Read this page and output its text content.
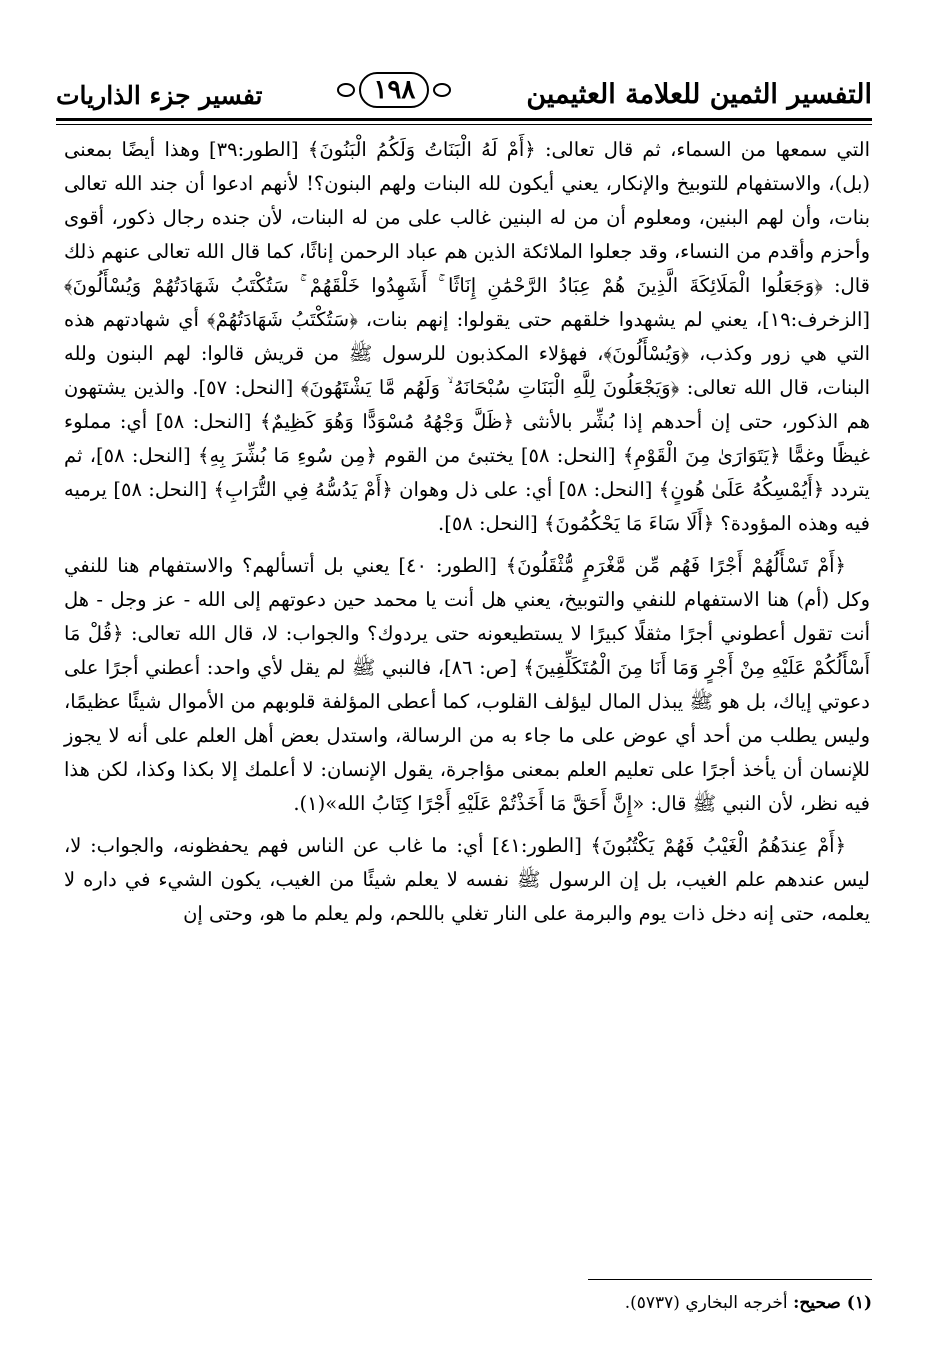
التفسير الثمين للعلامة العثيمين
١٩٨
تفسير جزء الذاريات

التي سمعها من السماء، ثم قال تعالى: ﴿أَمْ لَهُ الْبَنَاتُ وَلَكُمُ الْبَنُونَ﴾ [الطور:٣٩] وهذا أيضًا بمعنى (بل)، والاستفهام للتوبيخ والإنكار، يعني أيكون لله البنات ولهم البنون؟! لأنهم ادعوا أن جند الله تعالى بنات، وأن لهم البنين، ومعلوم أن من له البنين غالب على من له البنات، لأن جنده رجال ذكور، أقوى وأحزم وأقدم من النساء، وقد جعلوا الملائكة الذين هم عباد الرحمن إناثًا، كما قال الله تعالى عنهم ذلك قال: ﴿وَجَعَلُوا الْمَلَائِكَةَ الَّذِينَ هُمْ عِبَادُ الرَّحْمَٰنِ إِنَاثًا ۚ أَشَهِدُوا خَلْقَهُمْ ۚ سَتُكْتَبُ شَهَادَتُهُمْ وَيُسْأَلُونَ﴾ [الزخرف:١٩]، يعني لم يشهدوا خلقهم حتى يقولوا: إنهم بنات، ﴿سَتُكْتَبُ شَهَادَتُهُمْ﴾ أي شهادتهم هذه التي هي زور وكذب، ﴿وَيُسْأَلُونَ﴾، فهؤلاء المكذبون للرسول ﷺ من قريش قالوا: لهم البنون ولله البنات، قال الله تعالى: ﴿وَيَجْعَلُونَ لِلَّهِ الْبَنَاتِ سُبْحَانَهُ ۙ وَلَهُم مَّا يَشْتَهُونَ﴾ [النحل: ٥٧]. والذين يشتهون هم الذكور، حتى إن أحدهم إذا بُشِّر بالأنثى ﴿ظَلَّ وَجْهُهُ مُسْوَدًّا وَهُوَ كَظِيمٌ﴾ [النحل: ٥٨] أي: مملوء غيظًا وغمًّا ﴿يَتَوَارَىٰ مِنَ الْقَوْمِ﴾ [النحل: ٥٨] يختبئ من القوم ﴿مِن سُوءِ مَا بُشِّرَ بِهِ﴾ [النحل: ٥٨]، ثم يتردد ﴿أَيُمْسِكُهُ عَلَىٰ هُونٍ﴾ [النحل: ٥٨] أي: على ذل وهوان ﴿أَمْ يَدُسُّهُ فِي التُّرَابِ﴾ [النحل: ٥٨] يرميه فيه وهذه المؤودة؟ ﴿أَلَا سَاءَ مَا يَحْكُمُونَ﴾ [النحل: ٥٨].

﴿أَمْ تَسْأَلُهُمْ أَجْرًا فَهُم مِّن مَّغْرَمٍ مُّثْقَلُونَ﴾ [الطور: ٤٠] يعني بل أتسألهم؟ والاستفهام هنا للنفي وكل (أم) هنا الاستفهام للنفي والتوبيخ، يعني هل أنت يا محمد حين دعوتهم إلى الله - عز وجل - هل أنت تقول أعطوني أجرًا مثقلًا كبيرًا لا يستطيعونه حتى يردوك؟ والجواب: لا، قال الله تعالى: ﴿قُلْ مَا أَسْأَلُكُمْ عَلَيْهِ مِنْ أَجْرٍ وَمَا أَنَا مِنَ الْمُتَكَلِّفِينَ﴾ [ص: ٨٦]، فالنبي ﷺ لم يقل لأي واحد: أعطني أجرًا على دعوتي إياك، بل هو ﷺ يبذل المال ليؤلف القلوب، كما أعطى المؤلفة قلوبهم من الأموال شيئًا عظيمًا، وليس يطلب من أحد أي عوض على ما جاء به من الرسالة، واستدل بعض أهل العلم على أنه لا يجوز للإنسان أن يأخذ أجرًا على تعليم العلم بمعنى مؤاجرة، يقول الإنسان: لا أعلمك إلا بكذا وكذا، لكن هذا فيه نظر، لأن النبي ﷺ قال: «إِنَّ أَحَقَّ مَا أَخَذْتُمْ عَلَيْهِ أَجْرًا كِتَابُ الله»(١).

﴿أَمْ عِندَهُمُ الْغَيْبُ فَهُمْ يَكْتُبُونَ﴾ [الطور:٤١] أي: ما غاب عن الناس فهم يحفظونه، والجواب: لا، ليس عندهم علم الغيب، بل إن الرسول ﷺ نفسه لا يعلم شيئًا من الغيب، يكون الشيء في داره لا يعلمه، حتى إنه دخل ذات يوم والبرمة على النار تغلي باللحم، ولم يعلم ما هو، وحتى إن

(١) صحيح: أخرجه البخاري (٥٧٣٧).
